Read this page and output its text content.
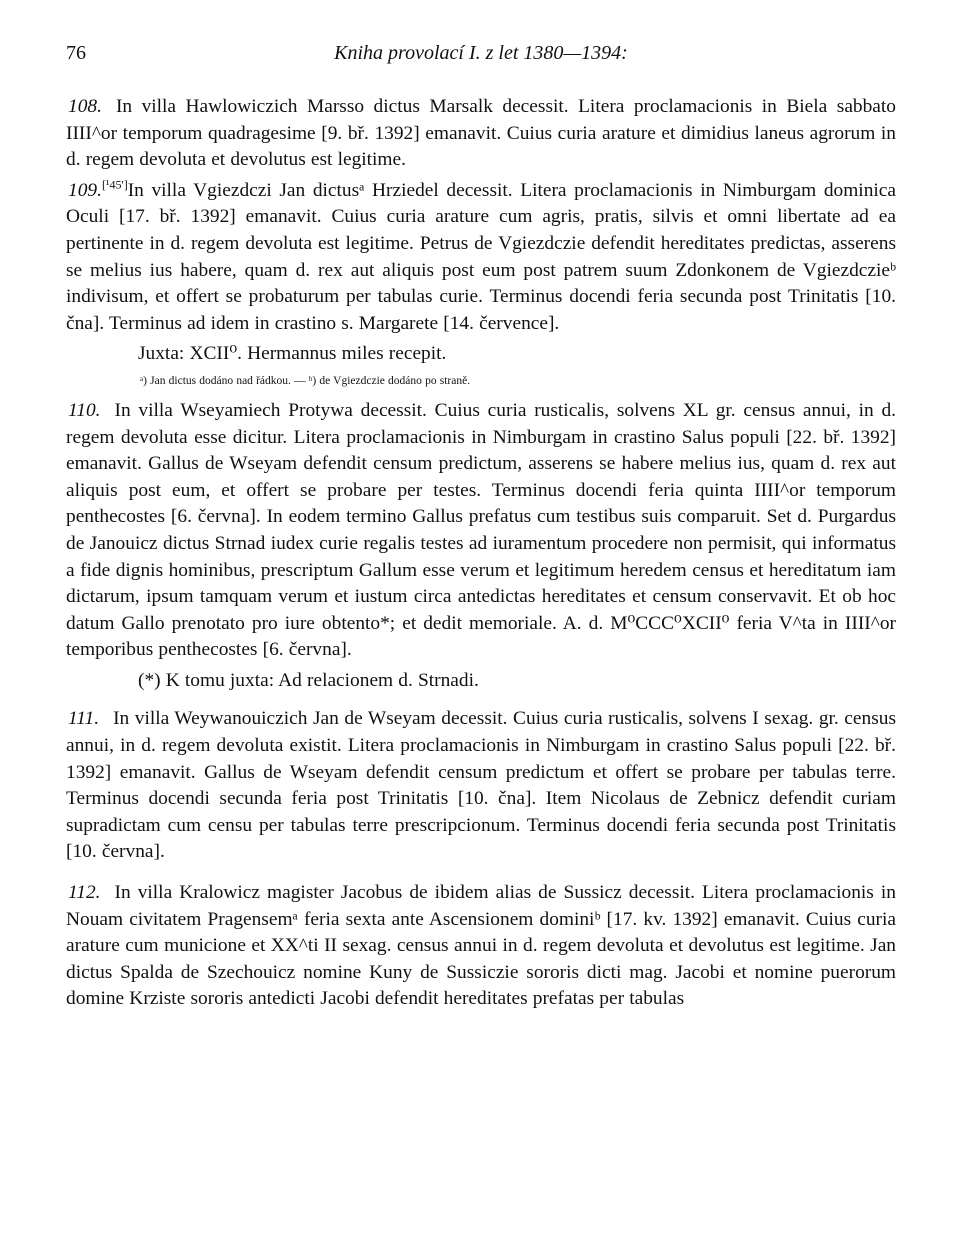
76	Kniha provolací I. z let 1380—1394:

108. In villa Hawlowiczich Marsso dictus Marsalk decessit. Litera proclamacionis in Biela sabbato IIII^or temporum quadragesime [9. bř. 1392] emanavit. Cuius curia arature et dimidius laneus agrorum in d. regem devoluta et devolutus est legitime.

109.[¹45']In villa Vgiezdczi Jan dictusᵃ Hrziedel decessit. Litera proclamacionis in Nimburgam dominica Oculi [17. bř. 1392] emanavit. Cuius curia arature cum agris, pratis, silvis et omni libertate ad ea pertinente in d. regem devoluta est legitime. Petrus de Vgiezdczie defendit hereditates predictas, asserens se melius ius habere, quam d. rex aut aliquis post eum post patrem suum Zdonkonem de Vgiezdczieᵇ indivisum, et offert se probaturum per tabulas curie. Terminus docendi feria secunda post Trinitatis [10. čna]. Terminus ad idem in crastino s. Margarete [14. července].

Juxta: XCII⁰. Hermannus miles recepit.

ᵃ) Jan dictus dodáno nad řádkou. — ᵇ) de Vgiezdczie dodáno po straně.

110. In villa Wseyamiech Protywa decessit. Cuius curia rusticalis, solvens XL gr. census annui, in d. regem devoluta esse dicitur. Litera proclamacionis in Nimburgam in crastino Salus populi [22. bř. 1392] emanavit. Gallus de Wseyam defendit censum predictum, asserens se habere melius ius, quam d. rex aut aliquis post eum, et offert se probare per testes. Terminus docendi feria quinta IIII^or temporum penthecostes [6. června]. In eodem termino Gallus prefatus cum testibus suis comparuit. Set d. Purgardus de Janouicz dictus Strnad iudex curie regalis testes ad iuramentum procedere non permisit, qui informatus a fide dignis hominibus, prescriptum Gallum esse verum et legitimum heredem census et hereditatum iam dictarum, ipsum tamquam verum et iustum circa antedictas hereditates et censum conservavit. Et ob hoc datum Gallo prenotato pro iure obtento*; et dedit memoriale. A. d. M⁰CCC⁰XCII⁰ feria V^ta in IIII^or temporibus penthecostes [6. června].

(*) K tomu juxta: Ad relacionem d. Strnadi.

111. In villa Weywanouiczich Jan de Wseyam decessit. Cuius curia rusticalis, solvens I sexag. gr. census annui, in d. regem devoluta existit. Litera proclamacionis in Nimburgam in crastino Salus populi [22. bř. 1392] emanavit. Gallus de Wseyam defendit censum predictum et offert se probare per tabulas terre. Terminus docendi secunda feria post Trinitatis [10. čna]. Item Nicolaus de Zebnicz defendit curiam supradictam cum censu per tabulas terre prescripcionum. Terminus docendi feria secunda post Trinitatis [10. června].

112. In villa Kralowicz magister Jacobus de ibidem alias de Sussicz decessit. Litera proclamacionis in Nouam civitatem Pragensemᵃ feria sexta ante Ascensionem dominiᵇ [17. kv. 1392] emanavit. Cuius curia arature cum municione et XX^ti II sexag. census annui in d. regem devoluta et devolutus est legitime. Jan dictus Spalda de Szechouicz nomine Kuny de Sussiczie sororis dicti mag. Jacobi et nomine puerorum domine Krziste sororis antedicti Jacobi defendit hereditates prefatas per tabulas
